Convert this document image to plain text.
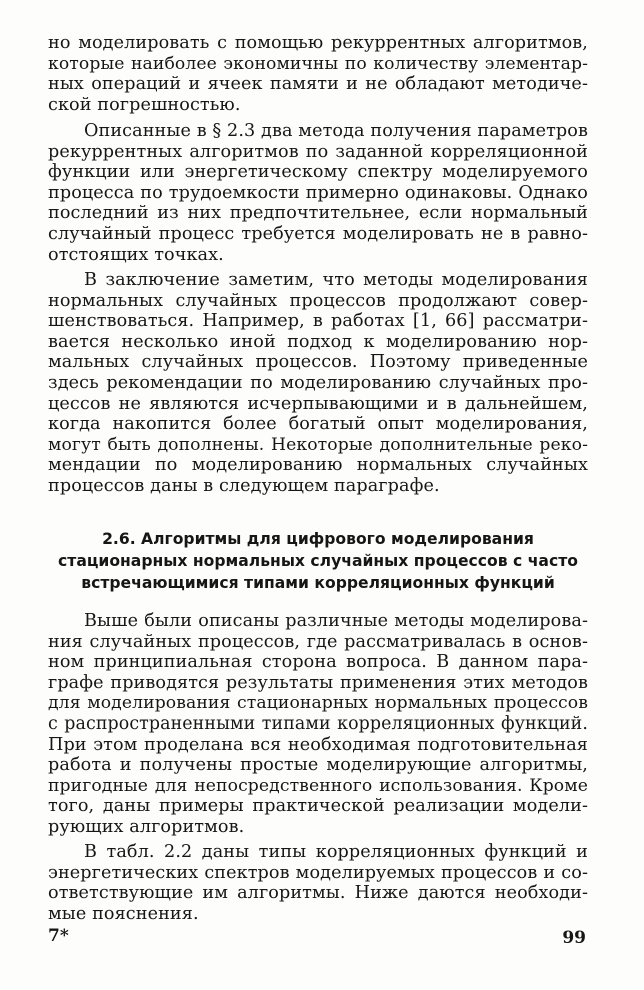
но моделировать с помощью рекуррентных алгоритмов,
которые наиболее экономичны по количеству элементар-
ных операций и ячеек памяти и не обладают методиче-
ской погрешностью.
Описанные в § 2.3 два метода получения параметров
рекуррентных алгоритмов по заданной корреляционной
функции или энергетическому спектру моделируемого
процесса по трудоемкости примерно одинаковы. Однако
последний из них предпочтительнее, если нормальный
случайный процесс требуется моделировать не в равно-
отстоящих точках.
В заключение заметим, что методы моделирования
нормальных случайных процессов продолжают совер-
шенствоваться. Например, в работах [1, 66] рассматри-
вается несколько иной подход к моделированию нор-
мальных случайных процессов. Поэтому приведенные
здесь рекомендации по моделированию случайных про-
цессов не являются исчерпывающими и в дальнейшем,
когда накопится более богатый опыт моделирования,
могут быть дополнены. Некоторые дополнительные реко-
мендации по моделированию нормальных случайных
процессов даны в следующем параграфе.
2.6. Алгоритмы для цифрового моделирования
стационарных нормальных случайных процессов с часто
встречающимися типами корреляционных функций
Выше были описаны различные методы моделирова-
ния случайных процессов, где рассматривалась в основ-
ном принципиальная сторона вопроса. В данном пара-
графе приводятся результаты применения этих методов
для моделирования стационарных нормальных процессов
с распространенными типами корреляционных функций.
При этом проделана вся необходимая подготовительная
работа и получены простые моделирующие алгоритмы,
пригодные для непосредственного использования. Кроме
того, даны примеры практической реализации модели-
рующих алгоритмов.
В табл. 2.2 даны типы корреляционных функций и
энергетических спектров моделируемых процессов и со-
ответствующие им алгоритмы. Ниже даются необходи-
мые пояснения.
7*	99
